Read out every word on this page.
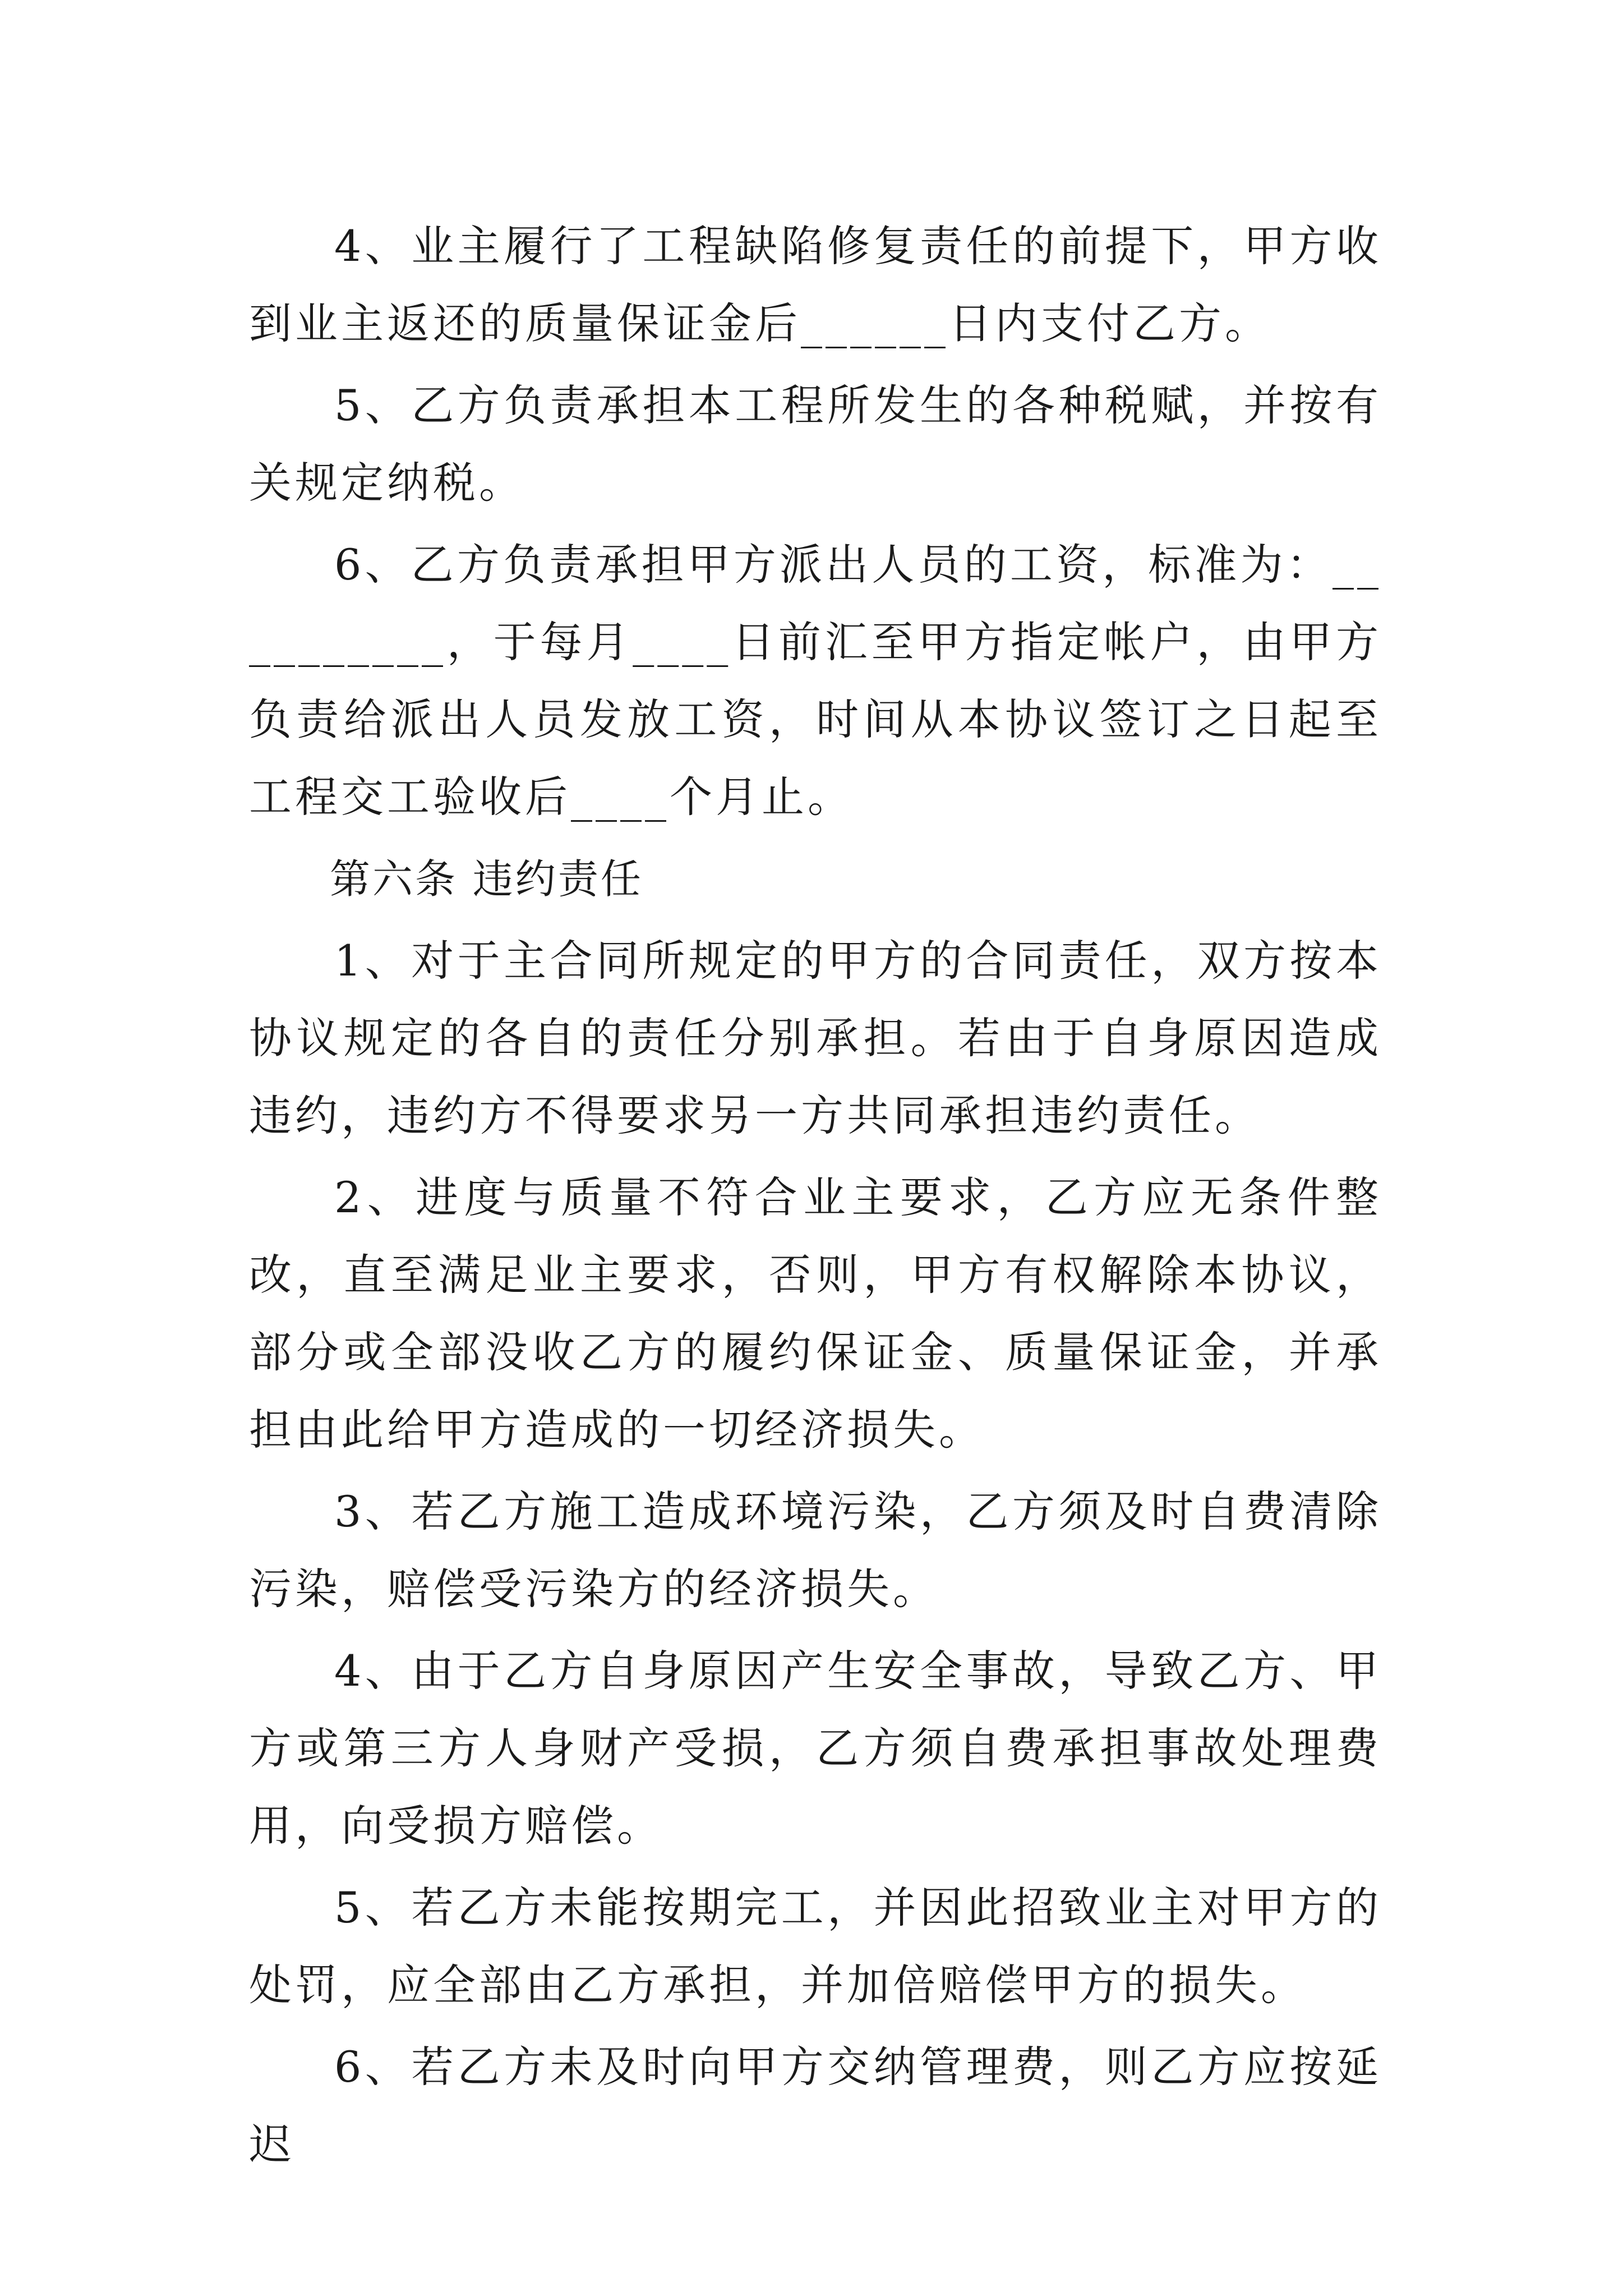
4、业主履行了工程缺陷修复责任的前提下，甲方收到业主返还的质量保证金后______日内支付乙方。

5、乙方负责承担本工程所发生的各种税赋，并按有关规定纳税。

6、乙方负责承担甲方派出人员的工资，标准为：__________，于每月____日前汇至甲方指定帐户，由甲方负责给派出人员发放工资，时间从本协议签订之日起至工程交工验收后____个月止。

第六条 违约责任

1、对于主合同所规定的甲方的合同责任，双方按本协议规定的各自的责任分别承担。若由于自身原因造成违约，违约方不得要求另一方共同承担违约责任。

2、进度与质量不符合业主要求，乙方应无条件整改，直至满足业主要求，否则，甲方有权解除本协议，部分或全部没收乙方的履约保证金、质量保证金，并承担由此给甲方造成的一切经济损失。

3、若乙方施工造成环境污染，乙方须及时自费清除污染，赔偿受污染方的经济损失。

4、由于乙方自身原因产生安全事故，导致乙方、甲方或第三方人身财产受损，乙方须自费承担事故处理费用，向受损方赔偿。

5、若乙方未能按期完工，并因此招致业主对甲方的处罚，应全部由乙方承担，并加倍赔偿甲方的损失。

6、若乙方未及时向甲方交纳管理费，则乙方应按延迟
